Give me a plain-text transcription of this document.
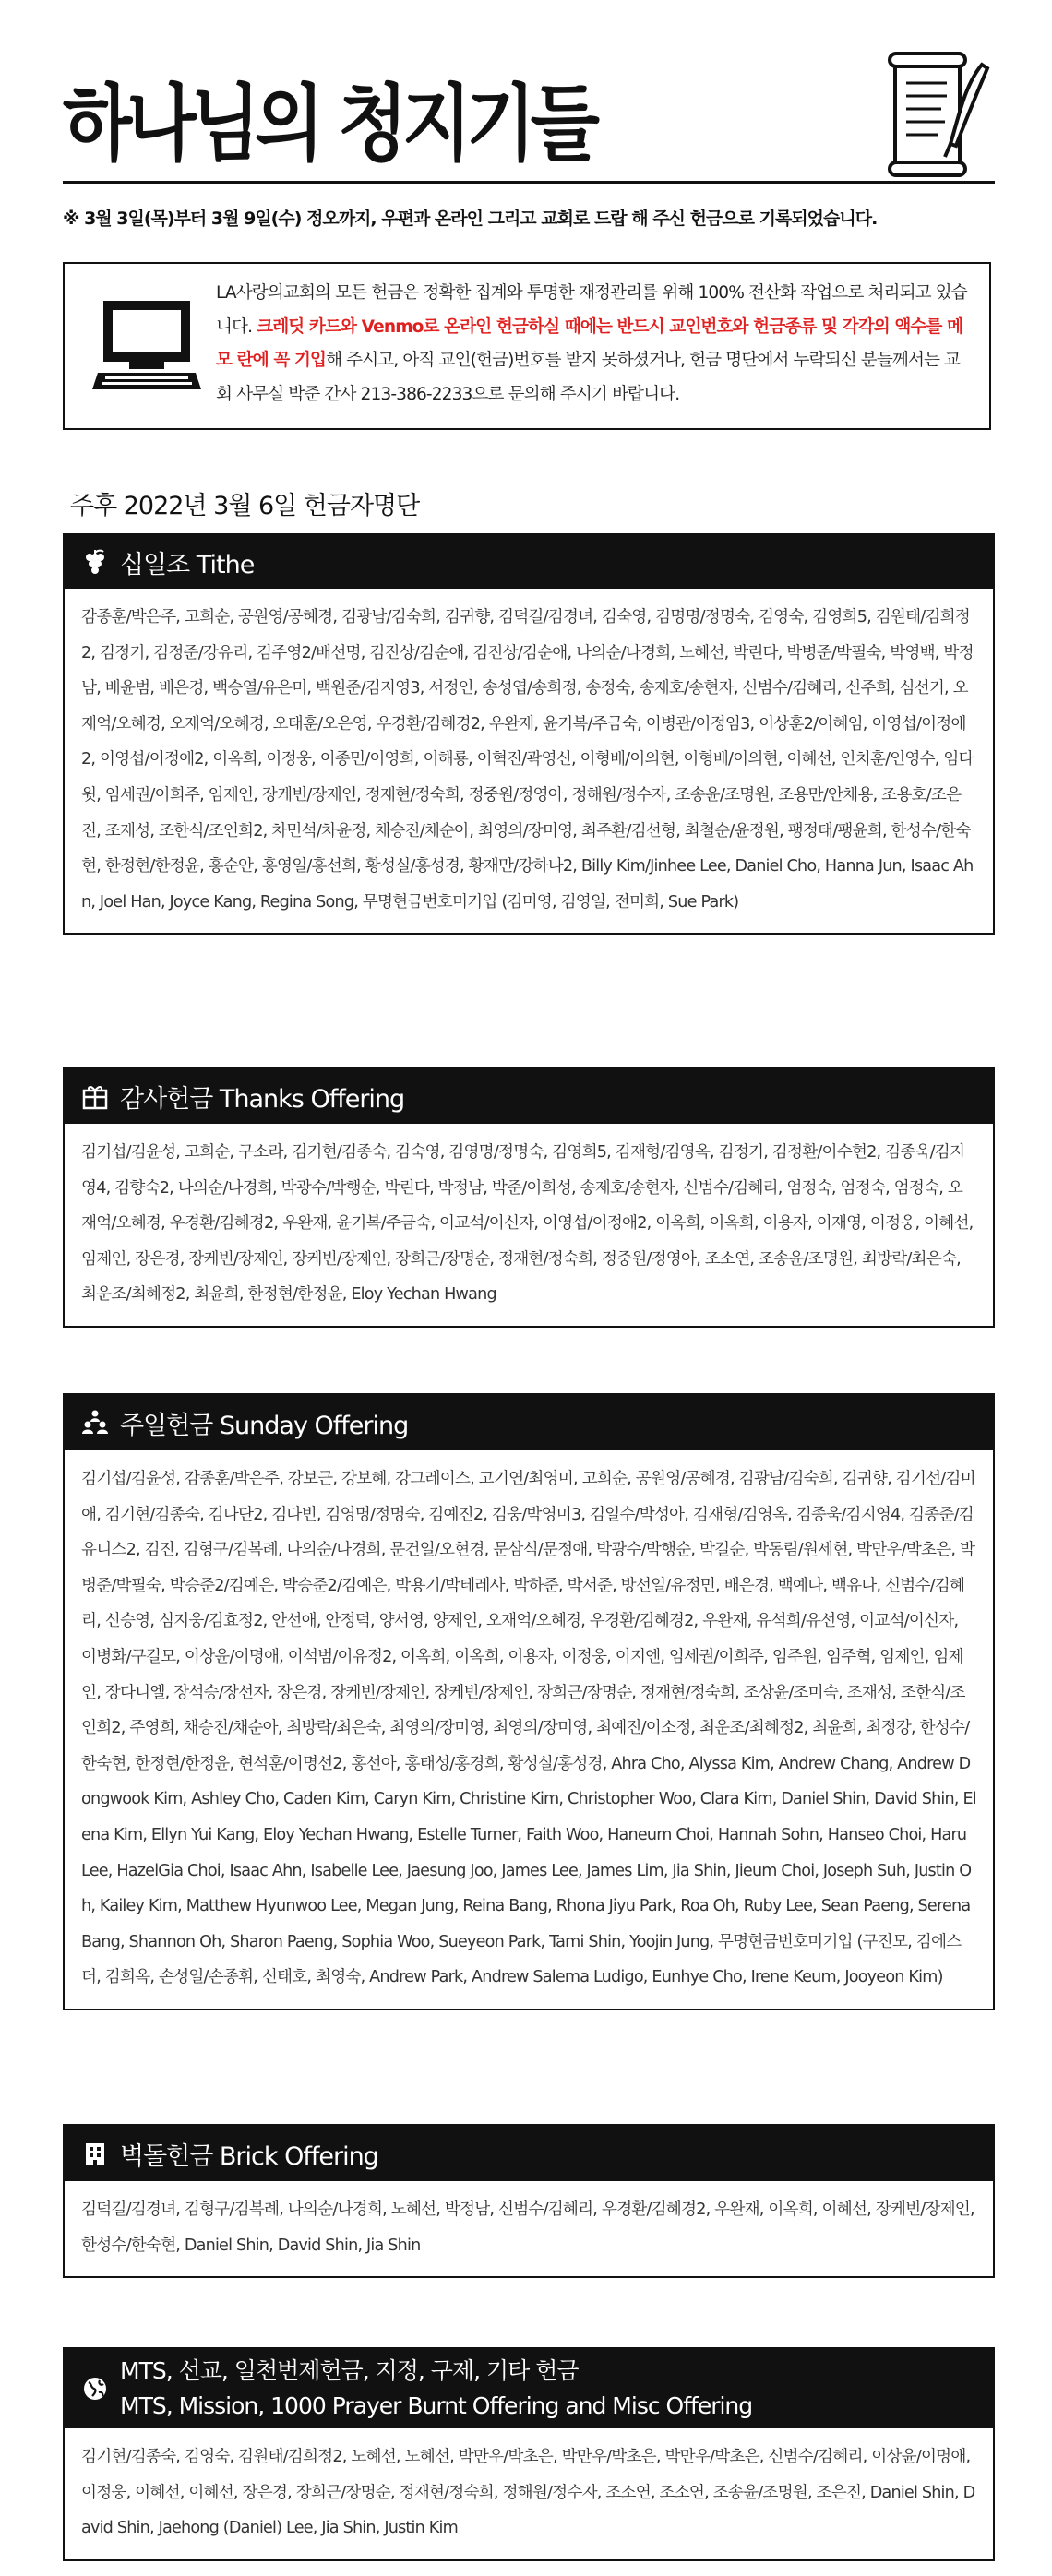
하나님의 청지기들
※ 3월 3일(목)부터 3월 9일(수) 정오까지, 우편과 온라인 그리고 교회로 드랍 해 주신 헌금으로 기록되었습니다.
LA사랑의교회의 모든 헌금은 정확한 집계와 투명한 재정관리를 위해 100% 전산화 작업으로 처리되고 있습니다. 크레딧 카드와 Venmo로 온라인 헌금하실 때에는 반드시 교인번호와 헌금종류 및 각각의 액수를 메모 란에 꼭 기입해 주시고, 아직 교인(헌금)번호를 받지 못하셨거나, 헌금 명단에서 누락되신 분들께서는 교회 사무실 박준 간사 213-386-2233으로 문의해 주시기 바랍니다.
주후 2022년 3월 6일 헌금자명단
십일조 Tithe
감종훈/박은주, 고희순, 공원영/공혜경, 김광남/김숙희, 김귀향, 김덕길/김경녀, 김숙영, 김명명/정명숙, 김영숙, 김영희5, 김원태/김희정2, 김정기, 김정준/강유리, 김주영2/배선명, 김진상/김순애, 김진상/김순애, 나의순/나경희, 노혜선, 박린다, 박병준/박필숙, 박영백, 박정남, 배윤범, 배은경, 백승열/유은미, 백원준/김지영3, 서정인, 송성엽/송희정, 송정숙, 송제호/송현자, 신범수/김혜리, 신주희, 심선기, 오재억/오혜경, 오재억/오혜경, 오태훈/오은영, 우경환/김혜경2, 우완재, 윤기복/주금숙, 이병관/이정임3, 이상훈2/이혜임, 이영섭/이정애2, 이영섭/이정애2, 이옥희, 이정웅, 이종민/이영희, 이해룡, 이혁진/곽영신, 이형배/이의현, 이형배/이의현, 이혜선, 인치훈/인영수, 임다윗, 임세권/이희주, 임제인, 장케빈/장제인, 정재현/정숙희, 정중원/정영아, 정해원/정수자, 조송윤/조명원, 조용만/안채용, 조용호/조은진, 조재성, 조한식/조인희2, 차민석/차윤정, 채승진/채순아, 최영의/장미영, 최주환/김선형, 최철순/윤정원, 팽정태/팽윤희, 한성수/한숙현, 한정현/한정윤, 홍순안, 홍영일/홍선희, 황성실/홍성경, 황재만/강하나2, Billy Kim/Jinhee Lee, Daniel Cho, Hanna Jun, Isaac Ahn, Joel Han, Joyce Kang, Regina Song, 무명현금번호미기입 (김미영, 김영일, 전미희, Sue Park)
감사헌금 Thanks Offering
김기섭/김윤성, 고희순, 구소라, 김기현/김종숙, 김숙영, 김영명/정명숙, 김영희5, 김재형/김영옥, 김정기, 김정환/이수현2, 김종욱/김지영4, 김향숙2, 나의순/나경희, 박광수/박행순, 박린다, 박정남, 박준/이희성, 송제호/송현자, 신범수/김혜리, 엄정숙, 엄정숙, 엄정숙, 오재억/오혜경, 우경환/김혜경2, 우완재, 윤기복/주금숙, 이교석/이신자, 이영섭/이정애2, 이옥희, 이옥희, 이용자, 이재영, 이정웅, 이혜선, 임제인, 장은경, 장케빈/장제인, 장케빈/장제인, 장희근/장명순, 정재현/정숙희, 정중원/정영아, 조소연, 조송윤/조명원, 최방락/최은숙, 최운조/최혜정2, 최윤희, 한정현/한정윤, Eloy Yechan Hwang
주일헌금 Sunday Offering
김기섭/김윤성, 감종훈/박은주, 강보근, 강보혜, 강그레이스, 고기연/최영미, 고희순, 공원영/공혜경, 김광남/김숙희, 김귀향, 김기선/김미애, 김기현/김종숙, 김나단2, 김다빈, 김영명/정명숙, 김예진2, 김웅/박영미3, 김일수/박성아, 김재형/김영옥, 김종욱/김지영4, 김종준/김유니스2, 김진, 김형구/김복례, 나의순/나경희, 문건일/오현경, 문삼식/문정애, 박광수/박행순, 박길순, 박동림/원세현, 박만우/박초은, 박병준/박필숙, 박승준2/김예은, 박승준2/김예은, 박용기/박테레사, 박하준, 박서준, 방선일/유정민, 배은경, 백예나, 백유나, 신범수/김혜리, 신승영, 심지웅/김효정2, 안선애, 안정덕, 양서영, 양제인, 오재억/오혜경, 우경환/김혜경2, 우완재, 유석희/유선영, 이교석/이신자, 이병화/구길모, 이상윤/이명애, 이석범/이유정2, 이옥희, 이옥희, 이용자, 이정웅, 이지엔, 임세권/이희주, 임주원, 임주혁, 임제인, 임제인, 장다니엘, 장석승/장선자, 장은경, 장케빈/장제인, 장케빈/장제인, 장희근/장명순, 정재현/정숙희, 조상윤/조미숙, 조재성, 조한식/조인희2, 주영희, 채승진/채순아, 최방락/최은숙, 최영의/장미영, 최영의/장미영, 최예진/이소정, 최운조/최혜정2, 최윤희, 최정강, 한성수/한숙현, 한정현/한정윤, 현석훈/이명선2, 홍선아, 홍태성/홍경희, 황성실/홍성경, Ahra Cho, Alyssa Kim, Andrew Chang, Andrew Dongwook Kim, Ashley Cho, Caden Kim, Caryn Kim, Christine Kim, Christopher Woo, Clara Kim, Daniel Shin, David Shin, Elena Kim, Ellyn Yui Kang, Eloy Yechan Hwang, Estelle Turner, Faith Woo, Haneum Choi, Hannah Sohn, Hanseo Choi, Haru Lee, HazelGia Choi, Isaac Ahn, Isabelle Lee, Jaesung Joo, James Lee, James Lim, Jia Shin, Jieum Choi, Joseph Suh, Justin Oh, Kailey Kim, Matthew Hyunwoo Lee, Megan Jung, Reina Bang, Rhona Jiyu Park, Roa Oh, Ruby Lee, Sean Paeng, Serena Bang, Shannon Oh, Sharon Paeng, Sophia Woo, Sueyeon Park, Tami Shin, Yoojin Jung, 무명현금번호미기입 (구진모, 김에스더, 김희옥, 손성일/손종휘, 신태호, 최영숙, Andrew Park, Andrew Salema Ludigo, Eunhye Cho, Irene Keum, Jooyeon Kim)
벽돌헌금 Brick Offering
김덕길/김경녀, 김형구/김복례, 나의순/나경희, 노혜선, 박정남, 신범수/김혜리, 우경환/김혜경2, 우완재, 이옥희, 이혜선, 장케빈/장제인, 한성수/한숙현, Daniel Shin, David Shin, Jia Shin
MTS, 선교, 일천번제헌금, 지정, 구제, 기타 헌금
MTS, Mission, 1000 Prayer Burnt Offering and Misc Offering
김기현/김종숙, 김영숙, 김원태/김희정2, 노혜선, 노혜선, 박만우/박초은, 박만우/박초은, 박만우/박초은, 신범수/김혜리, 이상윤/이명애, 이정웅, 이혜선, 이혜선, 장은경, 장희근/장명순, 정재현/정숙희, 정해원/정수자, 조소연, 조소연, 조송윤/조명원, 조은진, Daniel Shin, David Shin, Jaehong (Daniel) Lee, Jia Shin, Justin Kim
